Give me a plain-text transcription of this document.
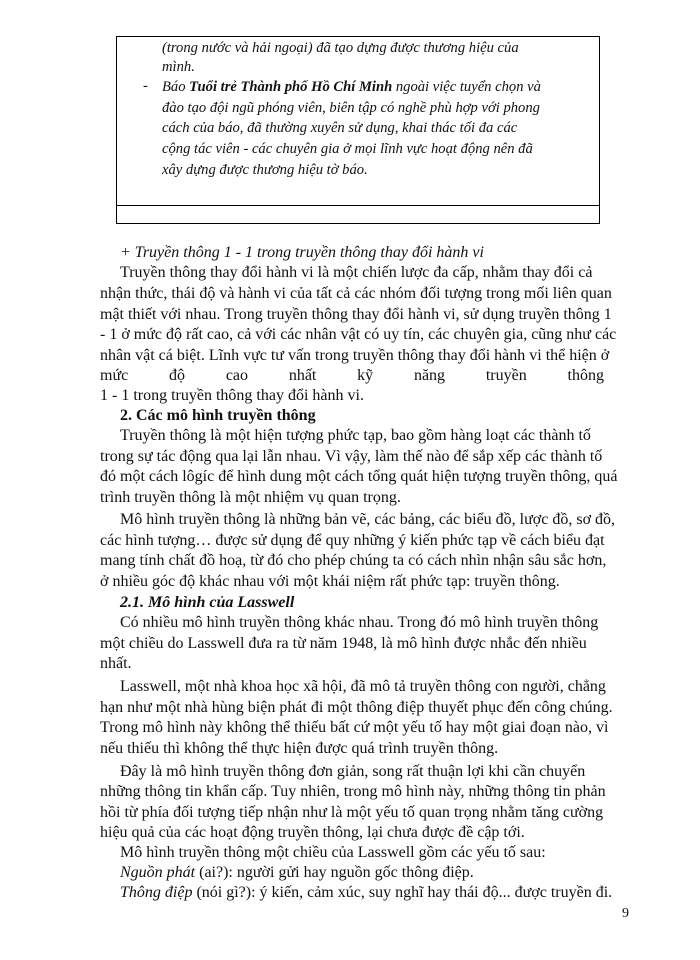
(trong nước và hải ngoại) đã tạo dựng được thương hiệu của
mình.
- Báo Tuổi trẻ Thành phố Hồ Chí Minh ngoài việc tuyển chọn và
đào tạo đội ngũ phóng viên, biên tập có nghề phù hợp với phong
cách của báo, đã thường xuyên sử dụng, khai thác tối đa các
cộng tác viên - các chuyên gia ở mọi lĩnh vực hoạt động nên đã
xây dựng được thương hiệu tờ báo.
+ Truyền thông 1 - 1 trong truyền thông thay đổi hành vi
Truyền thông thay đổi hành vi là một chiến lược đa cấp, nhằm thay đổi cả
nhận thức, thái độ và hành vi của tất cả các nhóm đối tượng trong mối liên quan
mật thiết với nhau. Trong truyền thông thay đổi hành vi, sử dụng truyền thông 1
- 1 ở mức độ rất cao, cả với các nhân vật có uy tín, các chuyên gia, cũng như các
nhân vật cá biệt. Lĩnh vực tư vấn trong truyền thông thay đổi hành vi thể hiện ở
mức	độ	cao	nhất	kỹ	năng	truyền	thông
1 - 1 trong truyền thông thay đổi hành vi.
2. Các mô hình truyền thông
Truyền thông là một hiện tượng phức tạp, bao gồm hàng loạt các thành tố
trong sự tác động qua lại lẫn nhau. Vì vậy, làm thế nào để sắp xếp các thành tố
đó một cách lôgíc để hình dung một cách tổng quát hiện tượng truyền thông, quá
trình truyền thông là một nhiệm vụ quan trọng.
Mô hình truyền thông là những bản vẽ, các bảng, các biểu đồ, lược đồ, sơ đồ,
các hình tượng… được sử dụng để quy những ý kiến phức tạp về cách biểu đạt
mang tính chất đồ hoạ, từ đó cho phép chúng ta có cách nhìn nhận sâu sắc hơn,
ở nhiều góc độ khác nhau với một khái niệm rất phức tạp: truyền thông.
2.1. Mô hình của Lasswell
Có nhiều mô hình truyền thông khác nhau. Trong đó mô hình truyền thông
một chiều do Lasswell đưa ra từ năm 1948, là mô hình được nhắc đến nhiều
nhất.
Lasswell, một nhà khoa học xã hội, đã mô tả truyền thông con người, chẳng
hạn như một nhà hùng biện phát đi một thông điệp thuyết phục đến công chúng.
Trong mô hình này không thể thiếu bất cứ một yếu tố hay một giai đoạn nào, vì
nếu thiếu thì không thể thực hiện được quá trình truyền thông.
Đây là mô hình truyền thông đơn giản, song rất thuận lợi khi cần chuyển
những thông tin khẩn cấp. Tuy nhiên, trong mô hình này, những thông tin phản
hồi từ phía đối tượng tiếp nhận như là một yếu tố quan trọng nhằm tăng cường
hiệu quả của các hoạt động truyền thông, lại chưa được đề cập tới.
Mô hình truyền thông một chiều của Lasswell gồm các yếu tố sau:
Nguồn phát (ai?): người gửi hay nguồn gốc thông điệp.
Thông điệp (nói gì?): ý kiến, cảm xúc, suy nghĩ hay thái độ... được truyền đi.
9
